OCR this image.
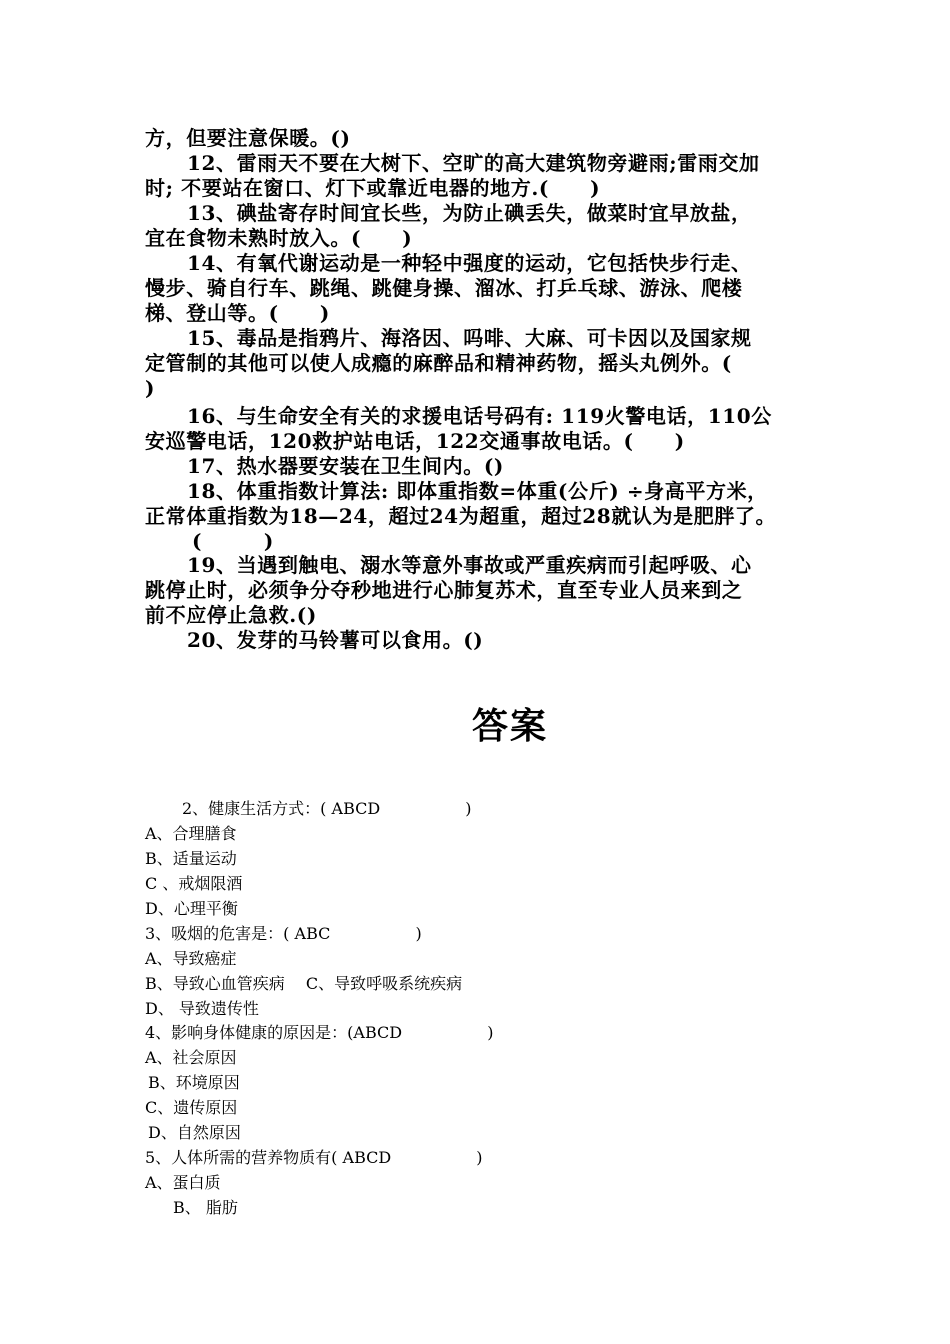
方，但要注意保暖。()
12、雷雨天不要在大树下、空旷的高大建筑物旁避雨;雷雨交加
时; 不要站在窗口、灯下或靠近电器的地方.(　　)
13、碘盐寄存时间宜长些，为防止碘丢失，做菜时宜早放盐，
宜在食物未熟时放入。(　　)
14、有氧代谢运动是一种轻中强度的运动，它包括快步行走、
慢步、骑自行车、跳绳、跳健身操、溜冰、打乒乓球、游泳、爬楼
梯、登山等。(　　)
15、毒品是指鸦片、海洛因、吗啡、大麻、可卡因以及国家规
定管制的其他可以使人成瘾的麻醉品和精神药物，摇头丸例外。(
)
16、与生命安全有关的求援电话号码有: 119火警电话，110公
安巡警电话，120救护站电话，122交通事故电话。(　　)
17、热水器要安装在卫生间内。()
18、体重指数计算法: 即体重指数=体重(公斤) ÷身高平方米，
正常体重指数为18—24，超过24为超重，超过28就认为是肥胖了。
(　　　)
19、当遇到触电、溺水等意外事故或严重疾病而引起呼吸、心
跳停止时，必须争分夺秒地进行心肺复苏术，直至专业人员来到之
前不应停止急救.()
20、发芽的马铃薯可以食用。()
答案
2、健康生活方式：( ABCD　　　　　 )
A、合理膳食
B、适量运动
C 、戒烟限酒
D、心理平衡
3、吸烟的危害是：( ABC　　　　　 )
A、导致癌症
B、导致心血管疾病　 C、导致呼吸系统疾病
D、 导致遗传性
4、影响身体健康的原因是：(ABCD　　　　　 )
A、社会原因
B、环境原因
C、遗传原因
D、自然原因
5、人体所需的营养物质有( ABCD　　　　　 )
A、蛋白质
B、 脂肪
